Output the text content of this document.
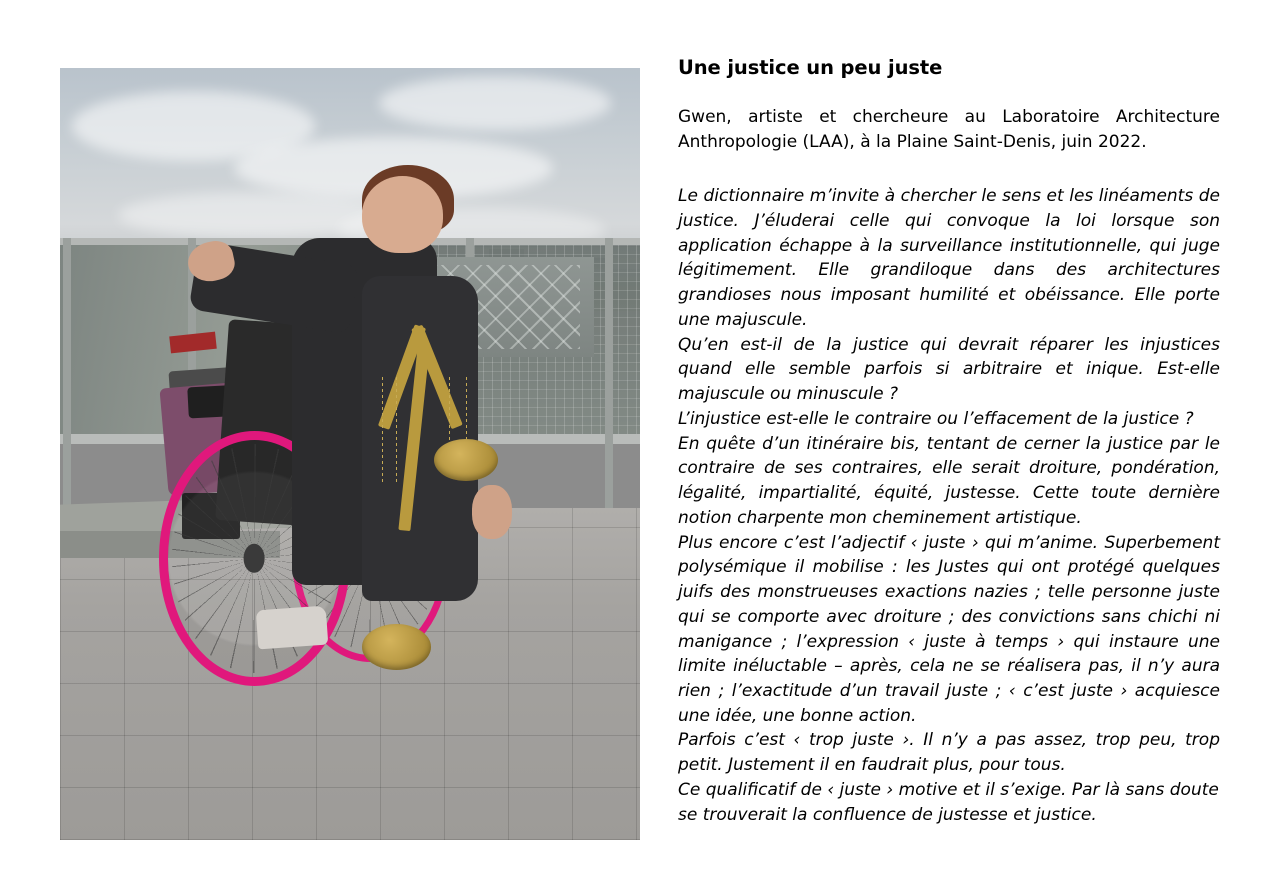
Une justice un peu juste

Gwen, artiste et chercheure au Laboratoire Architecture Anthropologie (LAA), à la Plaine Saint-Denis, juin 2022.

Le dictionnaire m’invite à chercher le sens et les linéaments de justice. J’éluderai celle qui convoque la loi lorsque son application échappe à la surveillance institutionnelle, qui juge légitimement. Elle grandiloque dans des architectures grandioses nous imposant humilité et obéissance. Elle porte une majuscule.

Qu’en est-il de la justice qui devrait réparer les injustices quand elle semble parfois si arbitraire et inique. Est-elle majuscule ou minuscule ?

L’injustice est-elle le contraire ou l’effacement de la justice ?

En quête d’un itinéraire bis, tentant de cerner la justice par le contraire de ses contraires, elle serait droiture, pondération, légalité, impartialité, équité, justesse. Cette toute dernière notion charpente mon cheminement artistique.

Plus encore c’est l’adjectif ‹ juste › qui m’anime. Superbement polysémique il mobilise : les Justes qui ont protégé quelques juifs des monstrueuses exactions nazies ; telle personne juste qui se comporte avec droiture ; des convictions sans chichi ni manigance ; l’expression ‹ juste à temps › qui instaure une limite inéluctable – après, cela ne se réalisera pas, il n’y aura rien ; l’exactitude d’un travail juste ; ‹ c’est juste › acquiesce une idée, une bonne action.

Parfois c’est ‹ trop juste ›. Il n’y a pas assez, trop peu, trop petit. Justement il en faudrait plus, pour tous.

Ce qualificatif de ‹ juste › motive et il s’exige. Par là sans doute se trouverait la confluence de justesse et justice.
